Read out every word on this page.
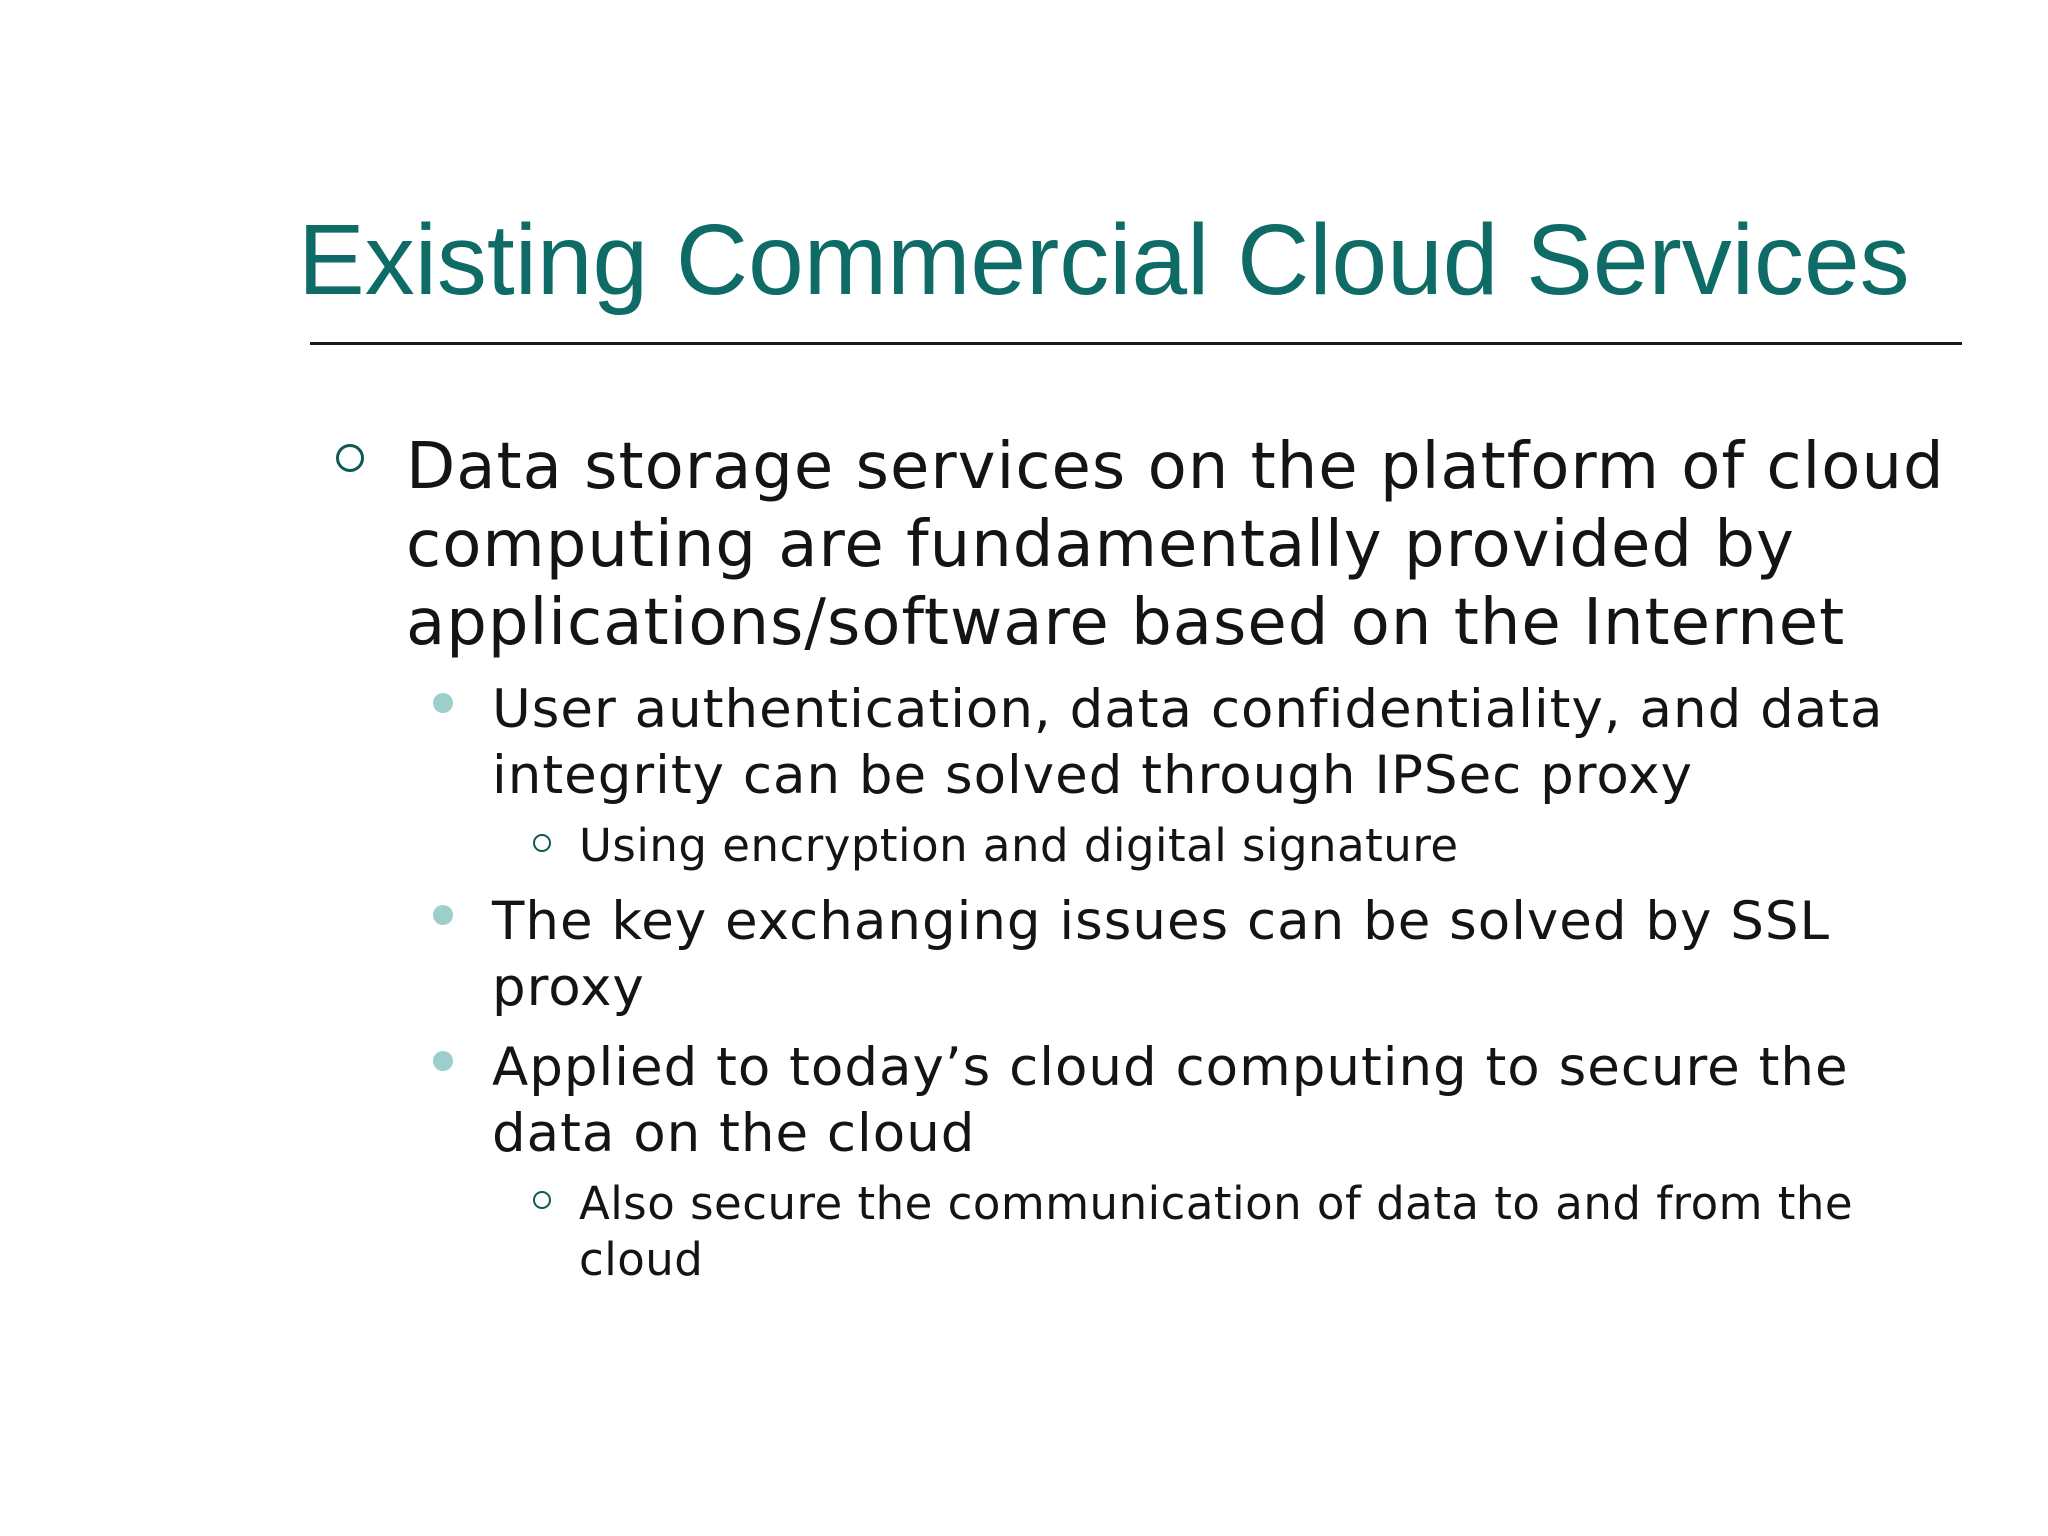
Existing Commercial Cloud Services
Data storage services on the platform of cloud
computing are fundamentally provided by
applications/software based on the Internet
User authentication, data confidentiality, and data
integrity can be solved through IPSec proxy
Using encryption and digital signature
The key exchanging issues can be solved by SSL
proxy
Applied to today’s cloud computing to secure the
data on the cloud
Also secure the communication of data to and from the
cloud
